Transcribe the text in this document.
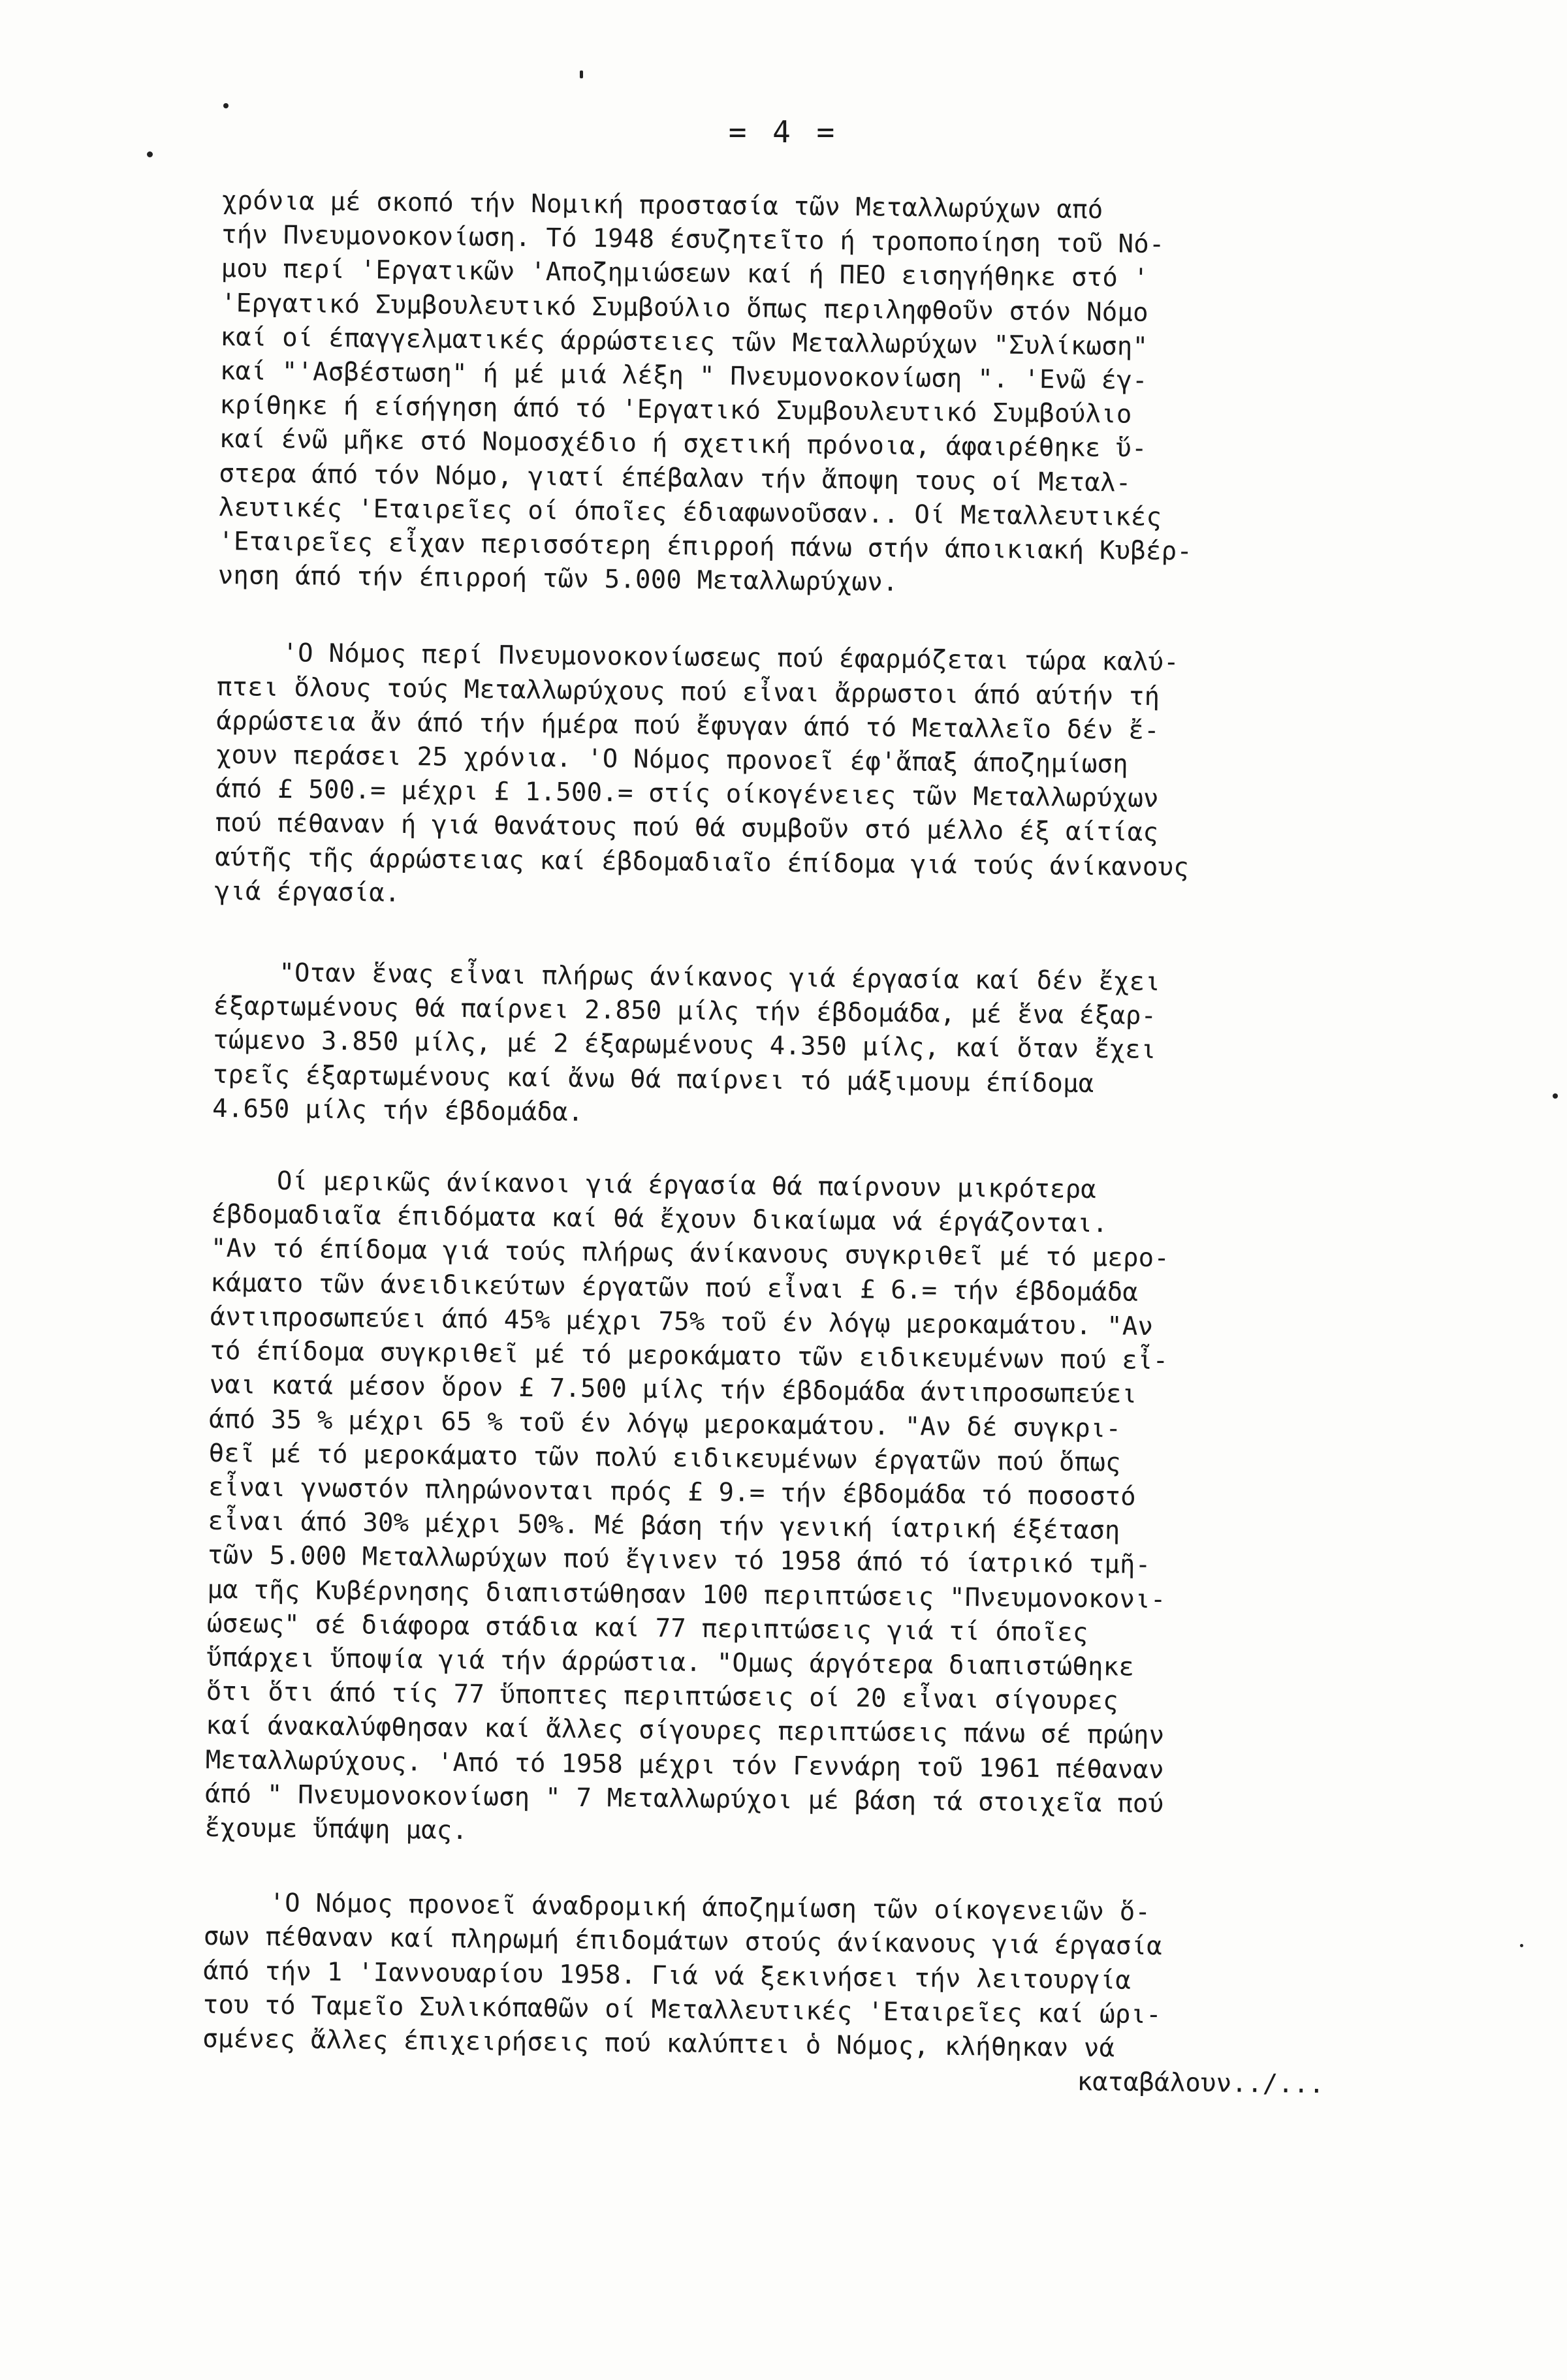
= 4 =

χρόνια μέ σκοπό τήν Νομική προστασία τῶν Μεταλλωρύχων από
τήν Πνευμονοκονίωση. Τό 1948 έσυζητεῖτο ή τροποποίηση τοῦ Νό-
μου περί 'Εργατικῶν 'Αποζημιώσεων καί ή ΠΕΟ εισηγήθηκε στό '
'Εργατικό Συμβουλευτικό Συμβούλιο ὅπως περιληφθοῦν στόν Νόμο
καί οί έπαγγελματικές άρρώστειες τῶν Μεταλλωρύχων "Συλίκωση"
καί "'Ασβέστωση" ή μέ μιά λέξη " Πνευμονοκονίωση ". 'Ενῶ έγ-
κρίθηκε ή είσήγηση άπό τό 'Εργατικό Συμβουλευτικό Συμβούλιο
καί ένῶ μῆκε στό Νομοσχέδιο ή σχετική πρόνοια, άφαιρέθηκε ὕ-
στερα άπό τόν Νόμο, γιατί έπέβαλαν τήν ἄποψη τους οί Μεταλ-
λευτικές 'Εταιρεῖες οί όποῖες έδιαφωνοῦσαν.. Οί Μεταλλευτικές
'Εταιρεῖες εἶχαν περισσότερη έπιρροή πάνω στήν άποικιακή Κυβέρ-
νηση άπό τήν έπιρροή τῶν 5.000 Μεταλλωρύχων.

'Ο Νόμος περί Πνευμονοκονίωσεως πού έφαρμόζεται τώρα καλύ-
πτει ὅλους τούς Μεταλλωρύχους πού εἶναι ἄρρωστοι άπό αύτήν τή
άρρώστεια ἄν άπό τήν ήμέρα πού ἔφυγαν άπό τό Μεταλλεῖο δέν ἔ-
χουν περάσει 25 χρόνια. 'Ο Νόμος προνοεῖ έφ'ἄπαξ άποζημίωση
άπό £ 500.= μέχρι £ 1.500.= στίς οίκογένειες τῶν Μεταλλωρύχων
πού πέθαναν ή γιά θανάτους πού θά συμβοῦν στό μέλλο έξ αίτίας
αύτῆς τῆς άρρώστειας καί έβδομαδιαῖο έπίδομα γιά τούς άνίκανους
γιά έργασία.

"Οταν ἕνας εἶναι πλήρως άνίκανος γιά έργασία καί δέν ἔχει
έξαρτωμένους θά παίρνει 2.850 μίλς τήν έβδομάδα, μέ ἕνα έξαρ-
τώμενο 3.850 μίλς, μέ 2 έξαρωμένους 4.350 μίλς, καί ὅταν ἔχει
τρεῖς έξαρτωμένους καί ἄνω θά παίρνει τό μάξιμουμ έπίδομα
4.650 μίλς τήν έβδομάδα.

Οί μερικῶς άνίκανοι γιά έργασία θά παίρνουν μικρότερα
έβδομαδιαῖα έπιδόματα καί θά ἔχουν δικαίωμα νά έργάζονται.
"Αν τό έπίδομα γιά τούς πλήρως άνίκανους συγκριθεῖ μέ τό μερο-
κάματο τῶν άνειδικεύτων έργατῶν πού εἶναι £ 6.= τήν έβδομάδα
άντιπροσωπεύει άπό 45% μέχρι 75% τοῦ έν λόγῳ μεροκαμάτου. "Αν
τό έπίδομα συγκριθεῖ μέ τό μεροκάματο τῶν ειδικευμένων πού εἶ-
ναι κατά μέσον ὅρον £ 7.500 μίλς τήν έβδομάδα άντιπροσωπεύει
άπό 35 % μέχρι 65 % τοῦ έν λόγῳ μεροκαμάτου. "Αν δέ συγκρι-
θεῖ μέ τό μεροκάματο τῶν πολύ ειδικευμένων έργατῶν πού ὅπως
εἶναι γνωστόν πληρώνονται πρός £ 9.= τήν έβδομάδα τό ποσοστό
εἶναι άπό 30% μέχρι 50%. Μέ βάση τήν γενική ίατρική έξέταση
τῶν 5.000 Μεταλλωρύχων πού ἔγινεν τό 1958 άπό τό ίατρικό τμῆ-
μα τῆς Κυβέρνησης διαπιστώθησαν 100 περιπτώσεις "Πνευμονοκονι-
ώσεως" σέ διάφορα στάδια καί 77 περιπτώσεις γιά τί όποῖες
ὕπάρχει ὕποψία γιά τήν άρρώστια. "Ομως άργότερα διαπιστώθηκε
ὅτι ὅτι άπό τίς 77 ὕποπτες περιπτώσεις οί 20 εἶναι σίγουρες
καί άνακαλύφθησαν καί ἄλλες σίγουρες περιπτώσεις πάνω σέ πρώην
Μεταλλωρύχους. 'Από τό 1958 μέχρι τόν Γεννάρη τοῦ 1961 πέθαναν
άπό " Πνευμονοκονίωση " 7 Μεταλλωρύχοι μέ βάση τά στοιχεῖα πού
ἔχουμε ὕπάψη μας.

'Ο Νόμος προνοεῖ άναδρομική άποζημίωση τῶν οίκογενειῶν ὅ-
σων πέθαναν καί πληρωμή έπιδομάτων στούς άνίκανους γιά έργασία
άπό τήν 1 'Ιαννουαρίου 1958. Γιά νά ξεκινήσει τήν λειτουργία
του τό Ταμεῖο Συλικόπαθῶν οί Μεταλλευτικές 'Εταιρεῖες καί ώρι-
σμένες ἄλλες έπιχειρήσεις πού καλύπτει ὁ Νόμος, κλήθηκαν νά
καταβάλουν../...
